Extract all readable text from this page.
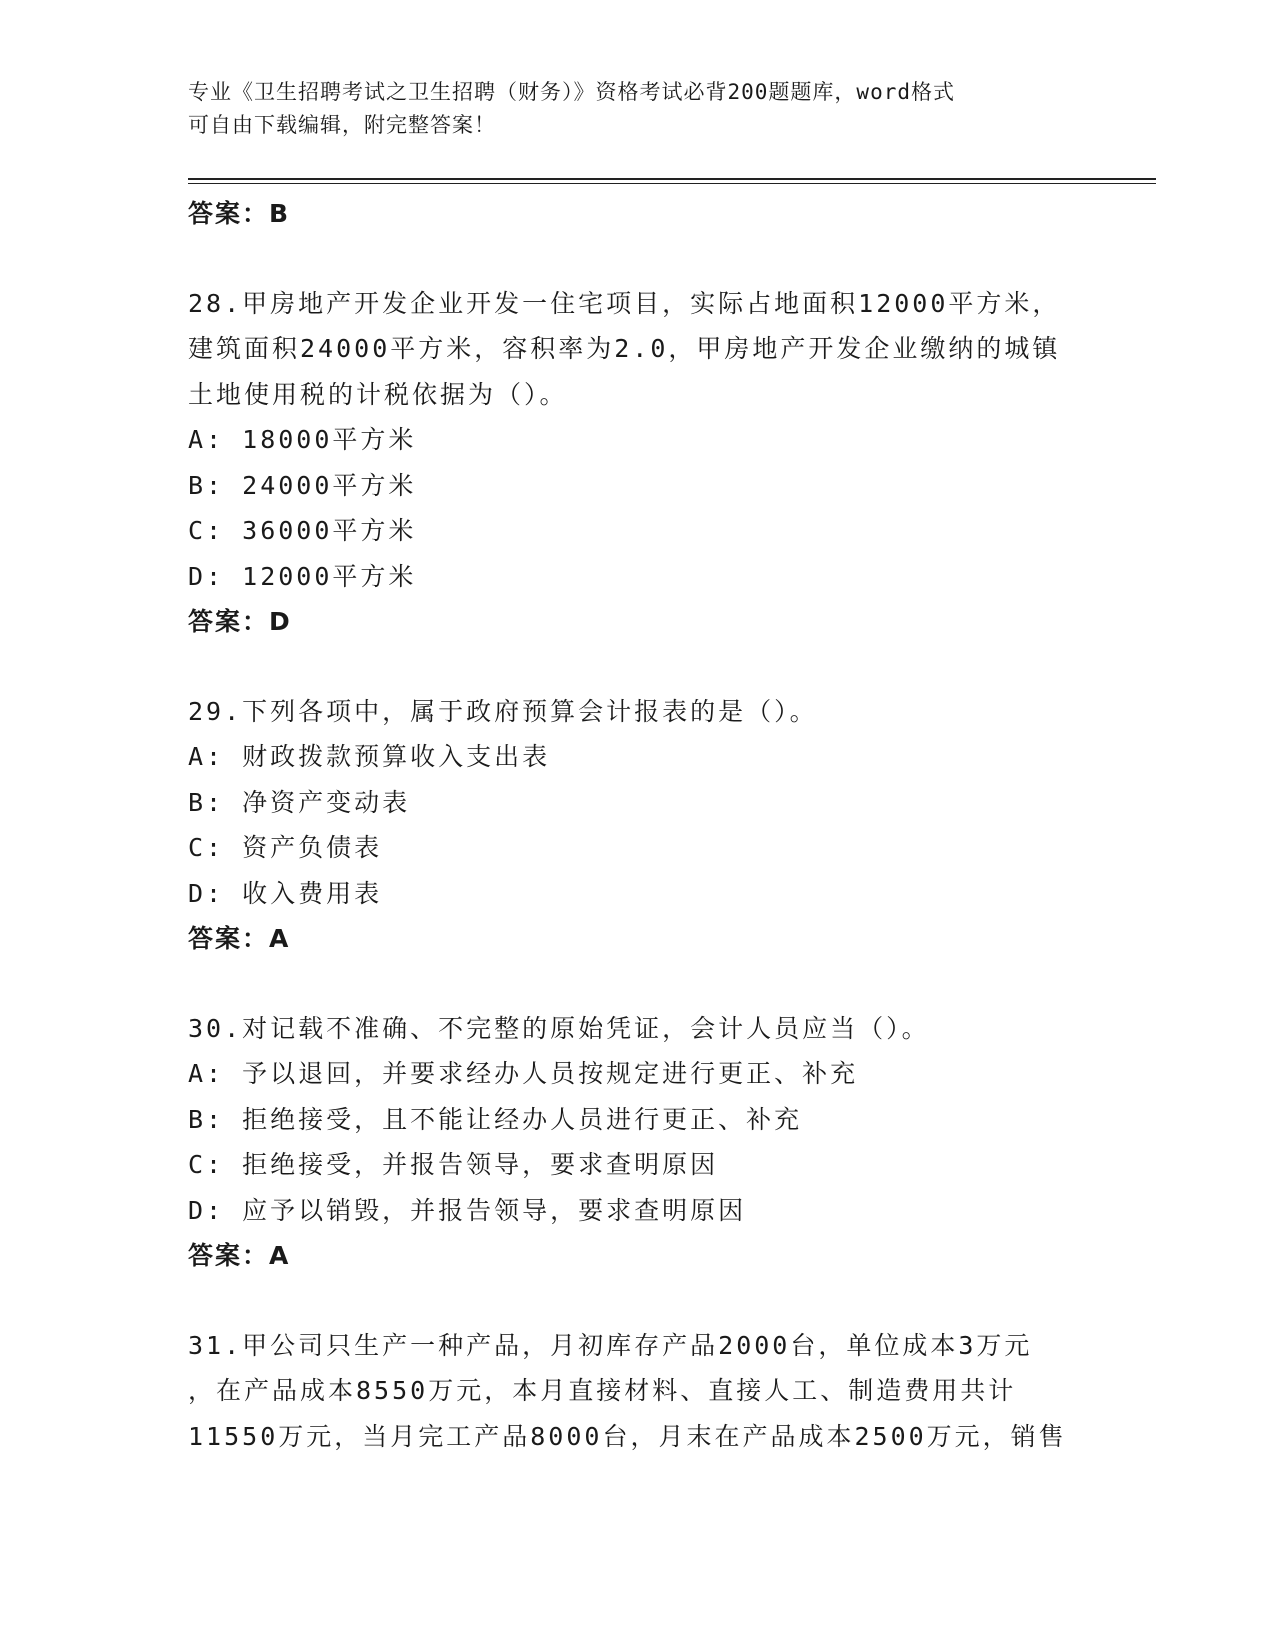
专业《卫生招聘考试之卫生招聘（财务）》资格考试必背200题题库，word格式
可自由下载编辑，附完整答案！
答案：B
28.甲房地产开发企业开发一住宅项目，实际占地面积12000平方米，
建筑面积24000平方米，容积率为2.0，甲房地产开发企业缴纳的城镇
土地使用税的计税依据为（）。
A: 18000平方米
B: 24000平方米
C: 36000平方米
D: 12000平方米
答案：D
29.下列各项中，属于政府预算会计报表的是（）。
A: 财政拨款预算收入支出表
B: 净资产变动表
C: 资产负债表
D: 收入费用表
答案：A
30.对记载不准确、不完整的原始凭证，会计人员应当（）。
A: 予以退回，并要求经办人员按规定进行更正、补充
B: 拒绝接受，且不能让经办人员进行更正、补充
C: 拒绝接受，并报告领导，要求查明原因
D: 应予以销毁，并报告领导，要求查明原因
答案：A
31.甲公司只生产一种产品，月初库存产品2000台，单位成本3万元
，在产品成本8550万元，本月直接材料、直接人工、制造费用共计
11550万元，当月完工产品8000台，月末在产品成本2500万元，销售
